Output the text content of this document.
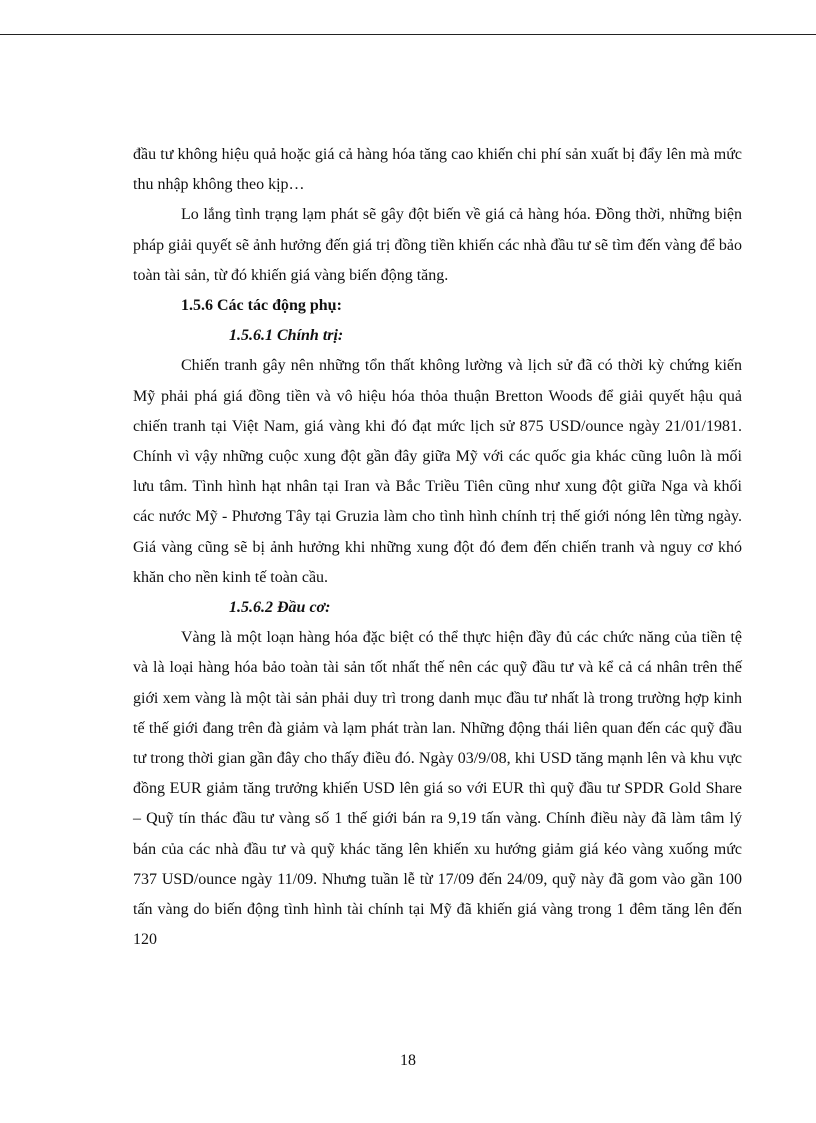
đầu tư không hiệu quả hoặc giá cả hàng hóa tăng cao khiến chi phí sản xuất bị đẩy lên mà mức thu nhập không theo kịp…

Lo lắng tình trạng lạm phát sẽ gây đột biến về giá cả hàng hóa. Đồng thời, những biện pháp giải quyết sẽ ảnh hưởng đến giá trị đồng tiền khiến các nhà đầu tư sẽ tìm đến vàng để bảo toàn tài sản, từ đó khiến giá vàng biến động tăng.

1.5.6 Các tác động phụ:

1.5.6.1 Chính trị:

Chiến tranh gây nên những tổn thất không lường và lịch sử đã có thời kỳ chứng kiến Mỹ phải phá giá đồng tiền và vô hiệu hóa thỏa thuận Bretton Woods để giải quyết hậu quả chiến tranh tại Việt Nam, giá vàng khi đó đạt mức lịch sử 875 USD/ounce ngày 21/01/1981. Chính vì vậy những cuộc xung đột gần đây giữa Mỹ với các quốc gia khác cũng luôn là mối lưu tâm. Tình hình hạt nhân tại Iran và Bắc Triều Tiên cũng như xung đột giữa Nga và khối các nước Mỹ - Phương Tây tại Gruzia làm cho tình hình chính trị thế giới nóng lên từng ngày. Giá vàng cũng sẽ bị ảnh hưởng khi những xung đột đó đem đến chiến tranh và nguy cơ khó khăn cho nền kinh tế toàn cầu.

1.5.6.2 Đầu cơ:

Vàng là một loạn hàng hóa đặc biệt có thể thực hiện đầy đủ các chức năng của tiền tệ và là loại hàng hóa bảo toàn tài sản tốt nhất thế nên các quỹ đầu tư và kể cả cá nhân trên thế giới xem vàng là một tài sản phải duy trì trong danh mục đầu tư nhất là trong trường hợp kinh tế thế giới đang trên đà giảm và lạm phát tràn lan. Những động thái liên quan đến các quỹ đầu tư trong thời gian gần đây cho thấy điều đó. Ngày 03/9/08, khi USD tăng mạnh lên và khu vực đồng EUR giảm tăng trưởng khiến USD lên giá so với EUR thì quỹ đầu tư SPDR Gold Share – Quỹ tín thác đầu tư vàng số 1 thế giới bán ra 9,19 tấn vàng. Chính điều này đã làm tâm lý bán của các nhà đầu tư và quỹ khác tăng lên khiến xu hướng giảm giá kéo vàng xuống mức 737 USD/ounce ngày 11/09. Nhưng tuần lễ từ 17/09 đến 24/09, quỹ này đã gom vào gần 100 tấn vàng do biến động tình hình tài chính tại Mỹ đã khiến giá vàng trong 1 đêm tăng lên đến 120

18
